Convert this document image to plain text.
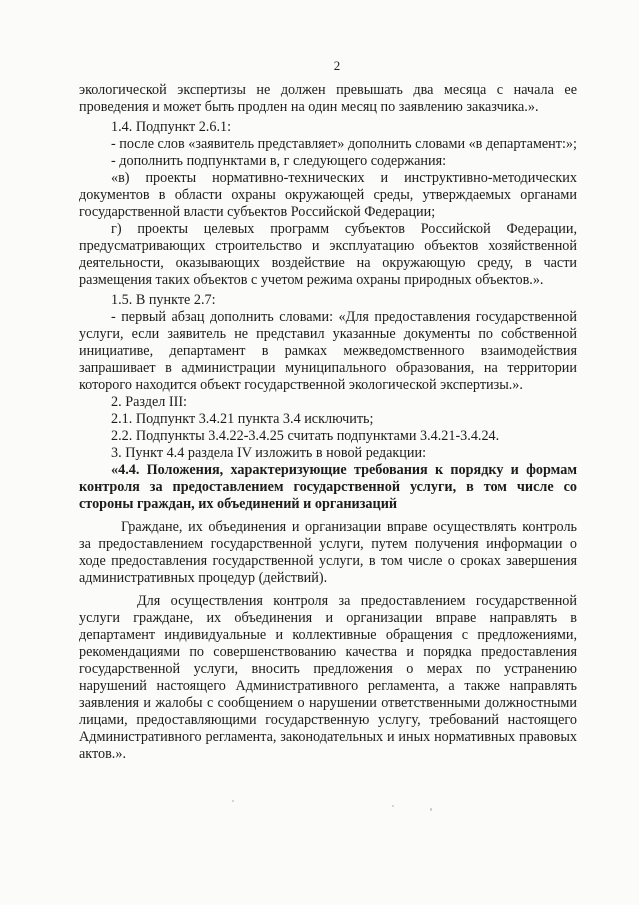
2

экологической экспертизы не должен превышать два месяца с начала ее проведения и может быть продлен на один месяц по заявлению заказчика.».

1.4. Подпункт 2.6.1:

- после слов «заявитель представляет» дополнить словами «в департамент:»;

- дополнить подпунктами в, г следующего содержания:

«в) проекты нормативно-технических и инструктивно-методических документов в области охраны окружающей среды, утверждаемых органами государственной власти субъектов Российской Федерации;

г) проекты целевых программ субъектов Российской Федерации, предусматривающих строительство и эксплуатацию объектов хозяйственной деятельности, оказывающих воздействие на окружающую среду, в части размещения таких объектов с учетом режима охраны природных объектов.».

1.5. В пункте 2.7:

- первый абзац дополнить словами: «Для предоставления государственной услуги, если заявитель не представил указанные документы по собственной инициативе, департамент в рамках межведомственного взаимодействия запрашивает в администрации муниципального образования, на территории которого находится объект государственной экологической экспертизы.».

2. Раздел III:

2.1. Подпункт 3.4.21 пункта 3.4 исключить;

2.2. Подпункты 3.4.22-3.4.25 считать подпунктами 3.4.21-3.4.24.

3. Пункт 4.4 раздела IV изложить в новой редакции:

«4.4. Положения, характеризующие требования к порядку и формам контроля за предоставлением государственной услуги, в том числе со стороны граждан, их объединений и организаций

Граждане, их объединения и организации вправе осуществлять контроль за предоставлением государственной услуги, путем получения информации о ходе предоставления государственной услуги, в том числе о сроках завершения административных процедур (действий).

Для осуществления контроля за предоставлением государственной услуги граждане, их объединения и организации вправе направлять в департамент индивидуальные и коллективные обращения с предложениями, рекомендациями по совершенствованию качества и порядка предоставления государственной услуги, вносить предложения о мерах по устранению нарушений настоящего Административного регламента, а также направлять заявления и жалобы с сообщением о нарушении ответственными должностными лицами, предоставляющими государственную услугу, требований настоящего Административного регламента, законодательных и иных нормативных правовых актов.».
